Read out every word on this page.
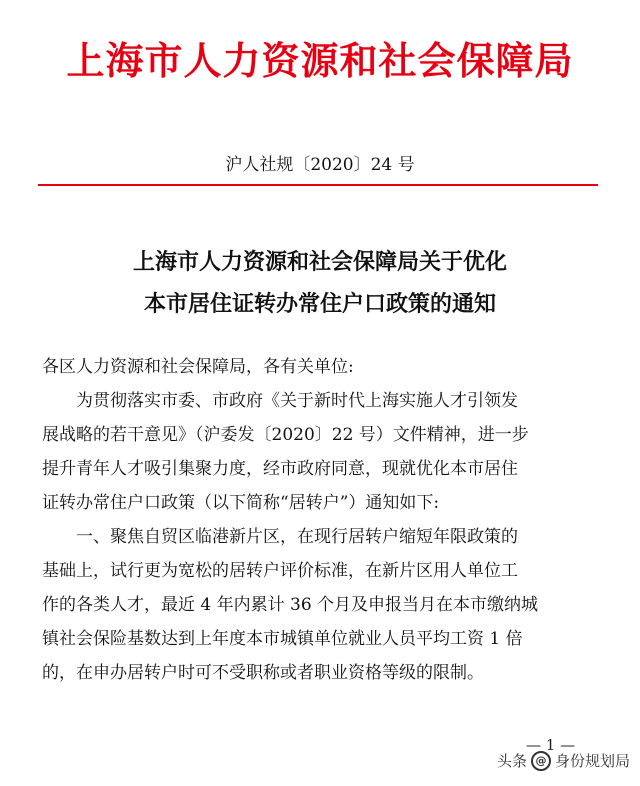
上海市人力资源和社会保障局
沪人社规〔2020〕24 号
上海市人力资源和社会保障局关于优化
本市居住证转办常住户口政策的通知
各区人力资源和社会保障局，各有关单位:
为贯彻落实市委、市政府《关于新时代上海实施人才引领发
展战略的若干意见》（沪委发〔2020〕22 号）文件精神，进一步
提升青年人才吸引集聚力度，经市政府同意，现就优化本市居住
证转办常住户口政策（以下简称“居转户”）通知如下:
一、聚焦自贸区临港新片区，在现行居转户缩短年限政策的
基础上，试行更为宽松的居转户评价标准，在新片区用人单位工
作的各类人才，最近 4 年内累计 36 个月及申报当月在本市缴纳城
镇社会保险基数达到上年度本市城镇单位就业人员平均工资 1 倍
的，在申办居转户时可不受职称或者职业资格等级的限制。
— 1 —
头条 @ 身份规划局
